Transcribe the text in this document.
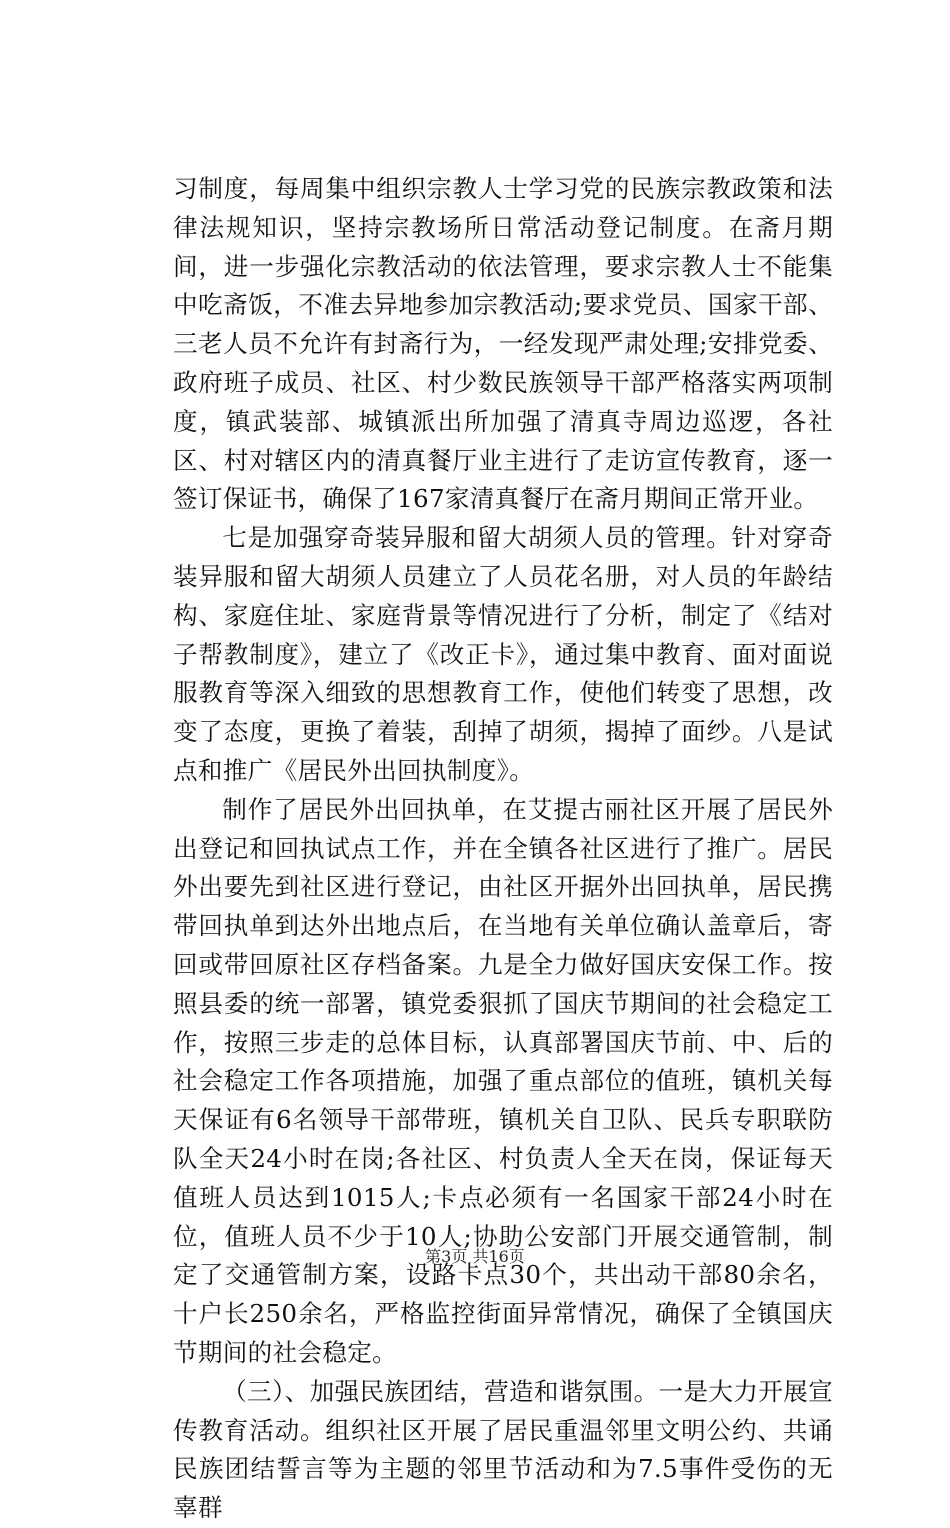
习制度，每周集中组织宗教人士学习党的民族宗教政策和法律法规知识，坚持宗教场所日常活动登记制度。在斋月期间，进一步强化宗教活动的依法管理，要求宗教人士不能集中吃斋饭，不准去异地参加宗教活动;要求党员、国家干部、三老人员不允许有封斋行为，一经发现严肃处理;安排党委、政府班子成员、社区、村少数民族领导干部严格落实两项制度，镇武装部、城镇派出所加强了清真寺周边巡逻，各社区、村对辖区内的清真餐厅业主进行了走访宣传教育，逐一签订保证书，确保了167家清真餐厅在斋月期间正常开业。

七是加强穿奇装异服和留大胡须人员的管理。针对穿奇装异服和留大胡须人员建立了人员花名册，对人员的年龄结构、家庭住址、家庭背景等情况进行了分析，制定了《结对子帮教制度》，建立了《改正卡》，通过集中教育、面对面说服教育等深入细致的思想教育工作，使他们转变了思想，改变了态度，更换了着装，刮掉了胡须，揭掉了面纱。八是试点和推广《居民外出回执制度》。

制作了居民外出回执单，在艾提古丽社区开展了居民外出登记和回执试点工作，并在全镇各社区进行了推广。居民外出要先到社区进行登记，由社区开据外出回执单，居民携带回执单到达外出地点后，在当地有关单位确认盖章后，寄回或带回原社区存档备案。九是全力做好国庆安保工作。按照县委的统一部署，镇党委狠抓了国庆节期间的社会稳定工作，按照三步走的总体目标，认真部署国庆节前、中、后的社会稳定工作各项措施，加强了重点部位的值班，镇机关每天保证有6名领导干部带班，镇机关自卫队、民兵专职联防队全天24小时在岗;各社区、村负责人全天在岗，保证每天值班人员达到1015人;卡点必须有一名国家干部24小时在位，值班人员不少于10人;协助公安部门开展交通管制，制定了交通管制方案，设路卡点30个，共出动干部80余名，十户长250余名，严格监控街面异常情况，确保了全镇国庆节期间的社会稳定。

（三）、加强民族团结，营造和谐氛围。一是大力开展宣传教育活动。组织社区开展了居民重温邻里文明公约、共诵民族团结誓言等为主题的邻里节活动和为7.5事件受伤的无辜群

第3页 共16页
